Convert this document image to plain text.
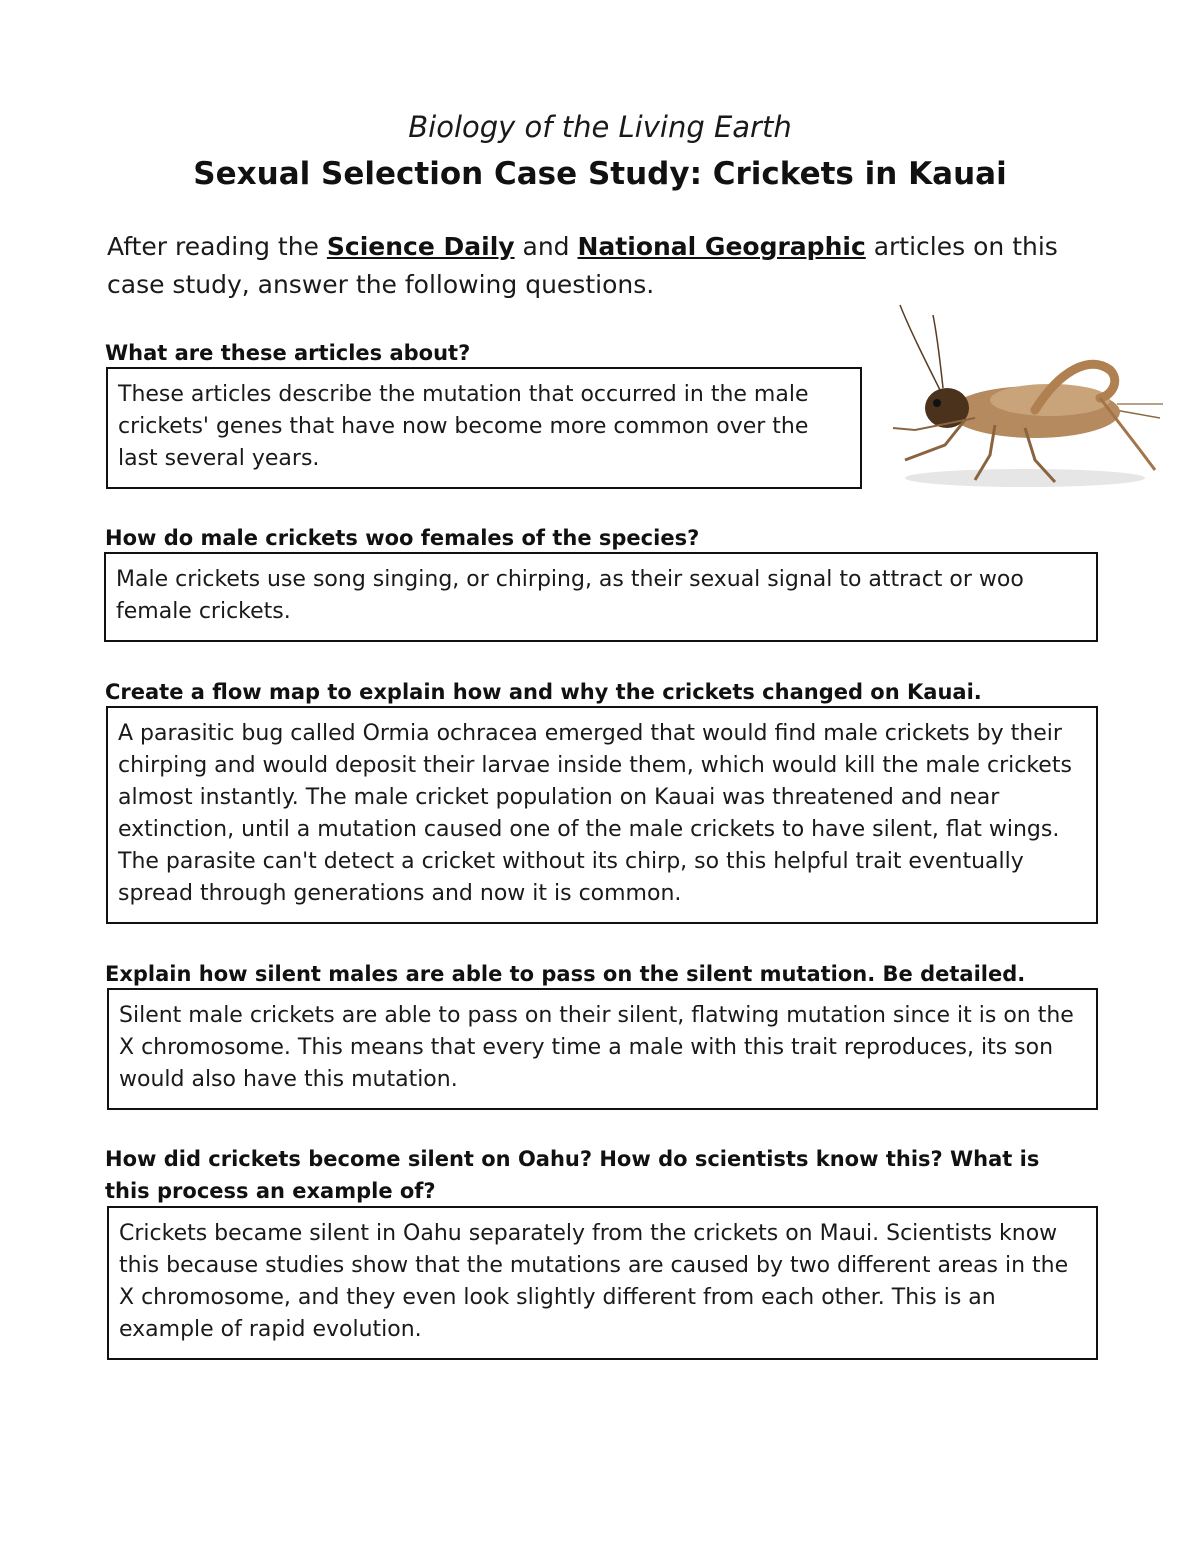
Biology of the Living Earth
Sexual Selection Case Study: Crickets in Kauai
After reading the Science Daily and National Geographic articles on this case study, answer the following questions.
What are these articles about?
These articles describe the mutation that occurred in the male crickets' genes that have now become more common over the last several years.
How do male crickets woo females of the species?
Male crickets use song singing, or chirping, as their sexual signal to attract or woo female crickets.
Create a flow map to explain how and why the crickets changed on Kauai.
A parasitic bug called Ormia ochracea emerged that would find male crickets by their chirping and would deposit their larvae inside them, which would kill the male crickets almost instantly. The male cricket population on Kauai was threatened and near extinction, until a mutation caused one of the male crickets to have silent, flat wings. The parasite can't detect a cricket without its chirp, so this helpful trait eventually spread through generations and now it is common.
Explain how silent males are able to pass on the silent mutation. Be detailed.
Silent male crickets are able to pass on their silent, flatwing mutation since it is on the X chromosome. This means that every time a male with this trait reproduces, its son would also have this mutation.
How did crickets become silent on Oahu? How do scientists know this? What is this process an example of?
Crickets became silent in Oahu separately from the crickets on Maui. Scientists know this because studies show that the mutations are caused by two different areas in the X chromosome, and they even look slightly different from each other. This is an example of rapid evolution.
